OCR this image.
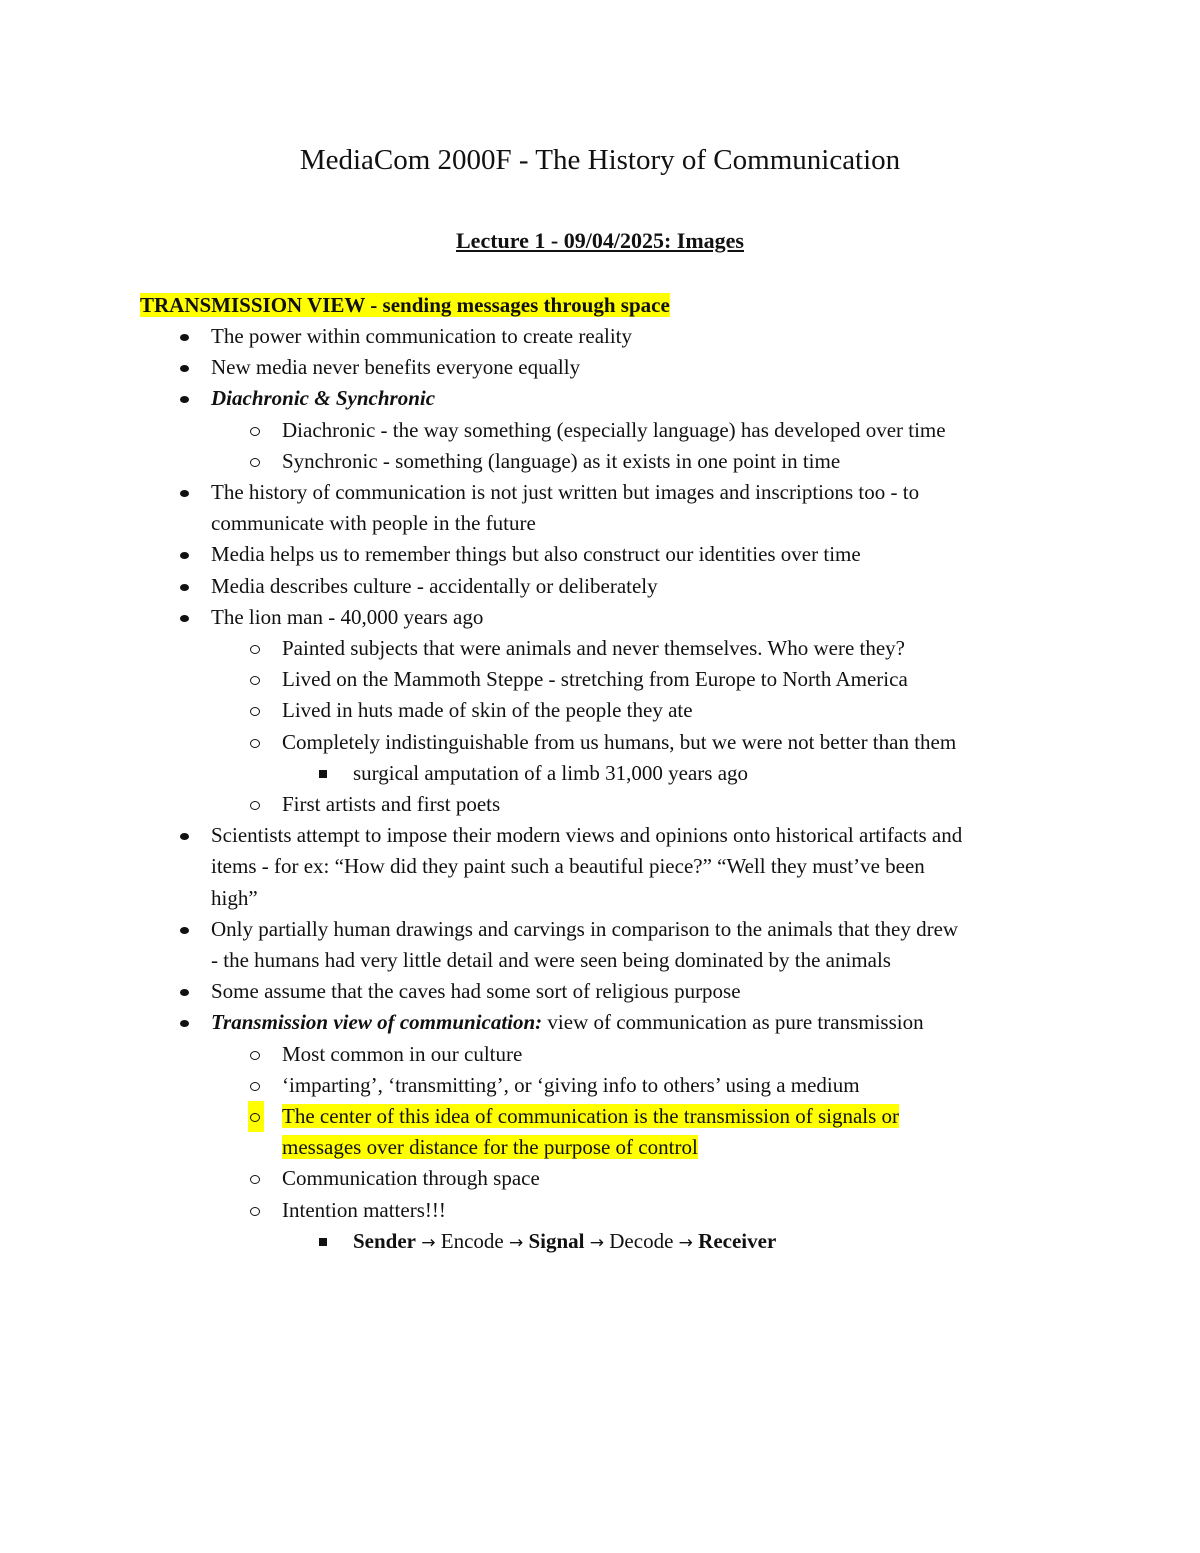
MediaCom 2000F - The History of Communication
Lecture 1 - 09/04/2025: Images
TRANSMISSION VIEW - sending messages through space
The power within communication to create reality
New media never benefits everyone equally
Diachronic & Synchronic
Diachronic - the way something (especially language) has developed over time
Synchronic - something (language) as it exists in one point in time
The history of communication is not just written but images and inscriptions too - to
communicate with people in the future
Media helps us to remember things but also construct our identities over time
Media describes culture - accidentally or deliberately
The lion man - 40,000 years ago
Painted subjects that were animals and never themselves. Who were they?
Lived on the Mammoth Steppe - stretching from Europe to North America
Lived in huts made of skin of the people they ate
Completely indistinguishable from us humans, but we were not better than them
surgical amputation of a limb 31,000 years ago
First artists and first poets
Scientists attempt to impose their modern views and opinions onto historical artifacts and
items - for ex: “How did they paint such a beautiful piece?” “Well they must’ve been
high”
Only partially human drawings and carvings in comparison to the animals that they drew
- the humans had very little detail and were seen being dominated by the animals
Some assume that the caves had some sort of religious purpose
Transmission view of communication: view of communication as pure transmission
Most common in our culture
‘imparting’, ‘transmitting’, or ‘giving info to others’ using a medium
The center of this idea of communication is the transmission of signals or
messages over distance for the purpose of control
Communication through space
Intention matters!!!
Sender → Encode → Signal → Decode → Receiver
